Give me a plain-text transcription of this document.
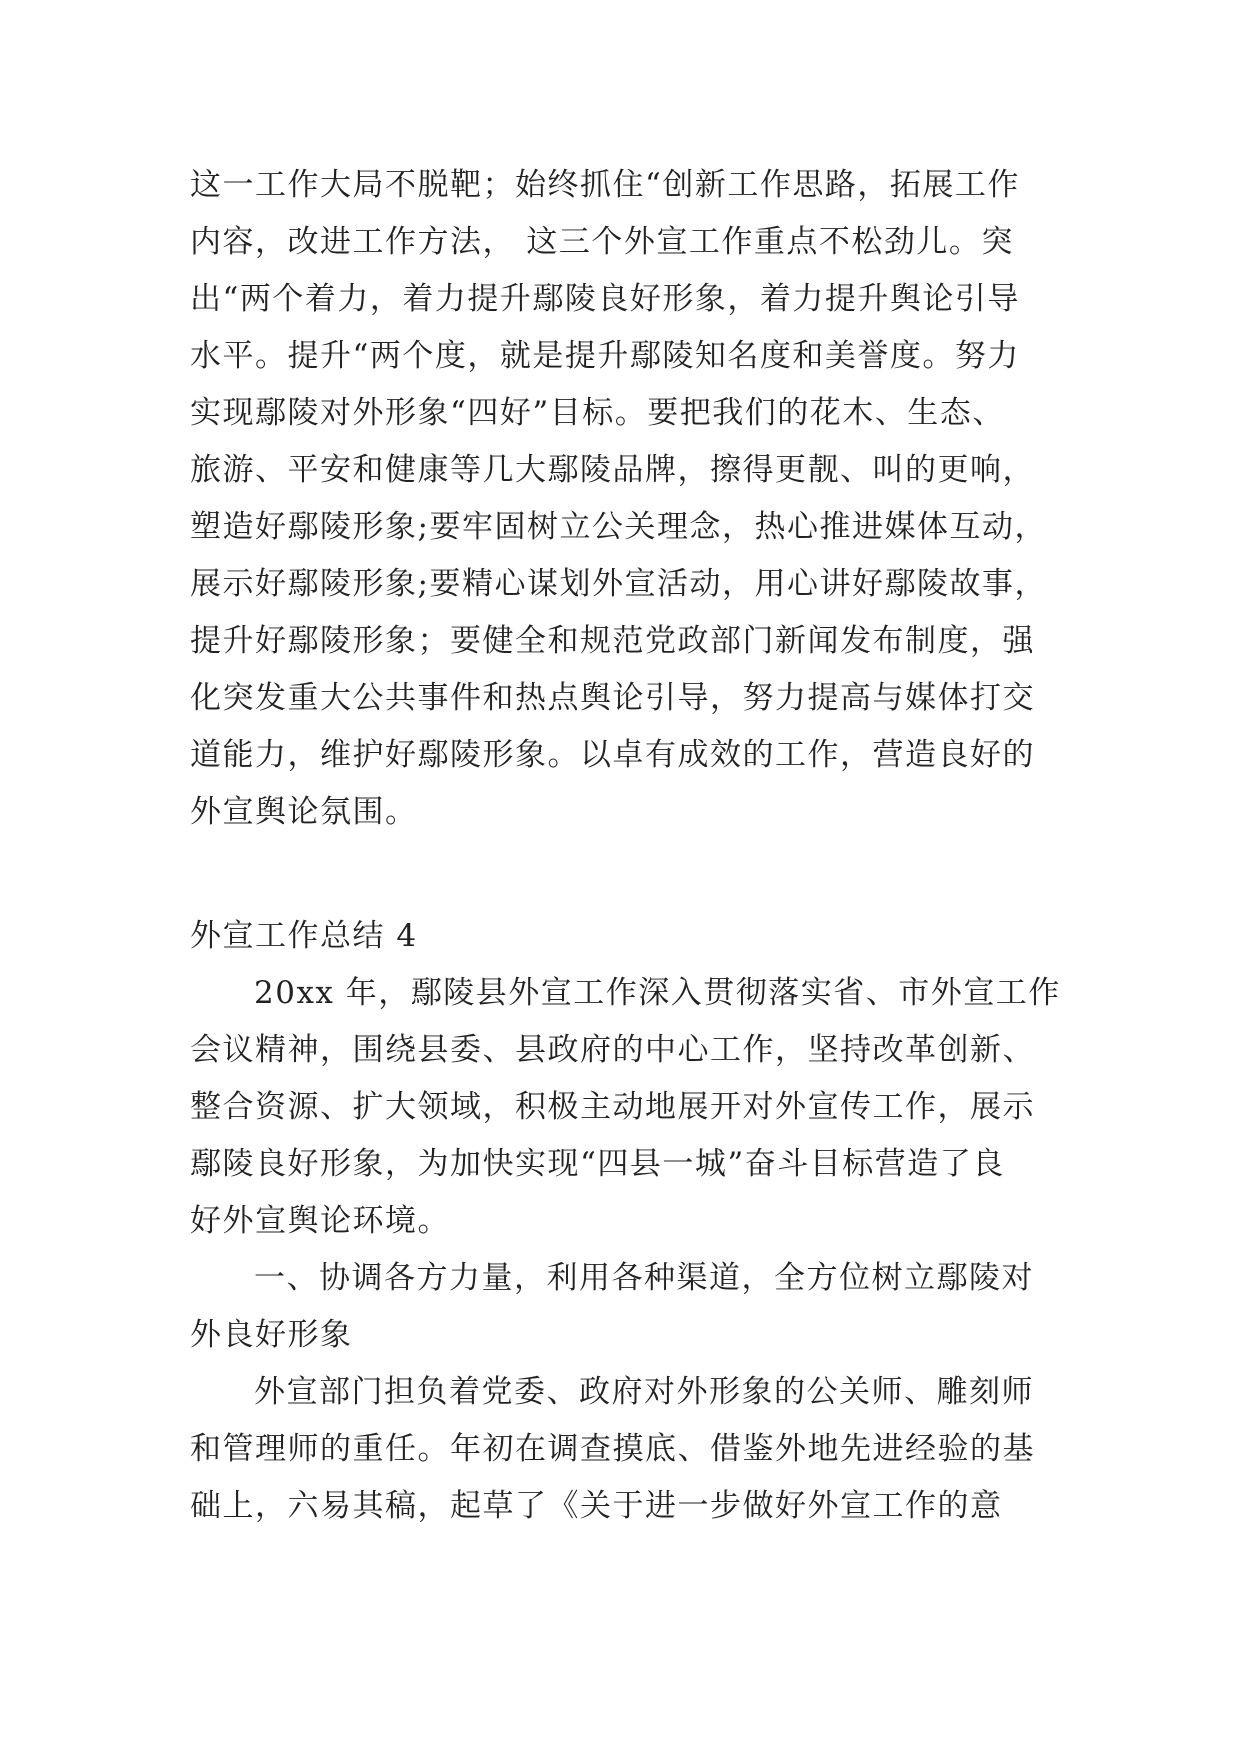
这一工作大局不脱靶；始终抓住“创新工作思路，拓展工作
内容，改进工作方法， 这三个外宣工作重点不松劲儿。突
出“两个着力，着力提升鄢陵良好形象，着力提升舆论引导
水平。提升“两个度，就是提升鄢陵知名度和美誉度。努力
实现鄢陵对外形象“四好”目标。要把我们的花木、生态、
旅游、平安和健康等几大鄢陵品牌，擦得更靓、叫的更响，
塑造好鄢陵形象;要牢固树立公关理念，热心推进媒体互动，
展示好鄢陵形象;要精心谋划外宣活动，用心讲好鄢陵故事，
提升好鄢陵形象；要健全和规范党政部门新闻发布制度，强
化突发重大公共事件和热点舆论引导，努力提高与媒体打交
道能力，维护好鄢陵形象。以卓有成效的工作，营造良好的
外宣舆论氛围。
外宣工作总结 4
20xx 年，鄢陵县外宣工作深入贯彻落实省、市外宣工作
会议精神，围绕县委、县政府的中心工作，坚持改革创新、
整合资源、扩大领域，积极主动地展开对外宣传工作，展示
鄢陵良好形象，为加快实现“四县一城”奋斗目标营造了良
好外宣舆论环境。
一、协调各方力量，利用各种渠道，全方位树立鄢陵对
外良好形象
外宣部门担负着党委、政府对外形象的公关师、雕刻师
和管理师的重任。年初在调查摸底、借鉴外地先进经验的基
础上，六易其稿，起草了《关于进一步做好外宣工作的意
